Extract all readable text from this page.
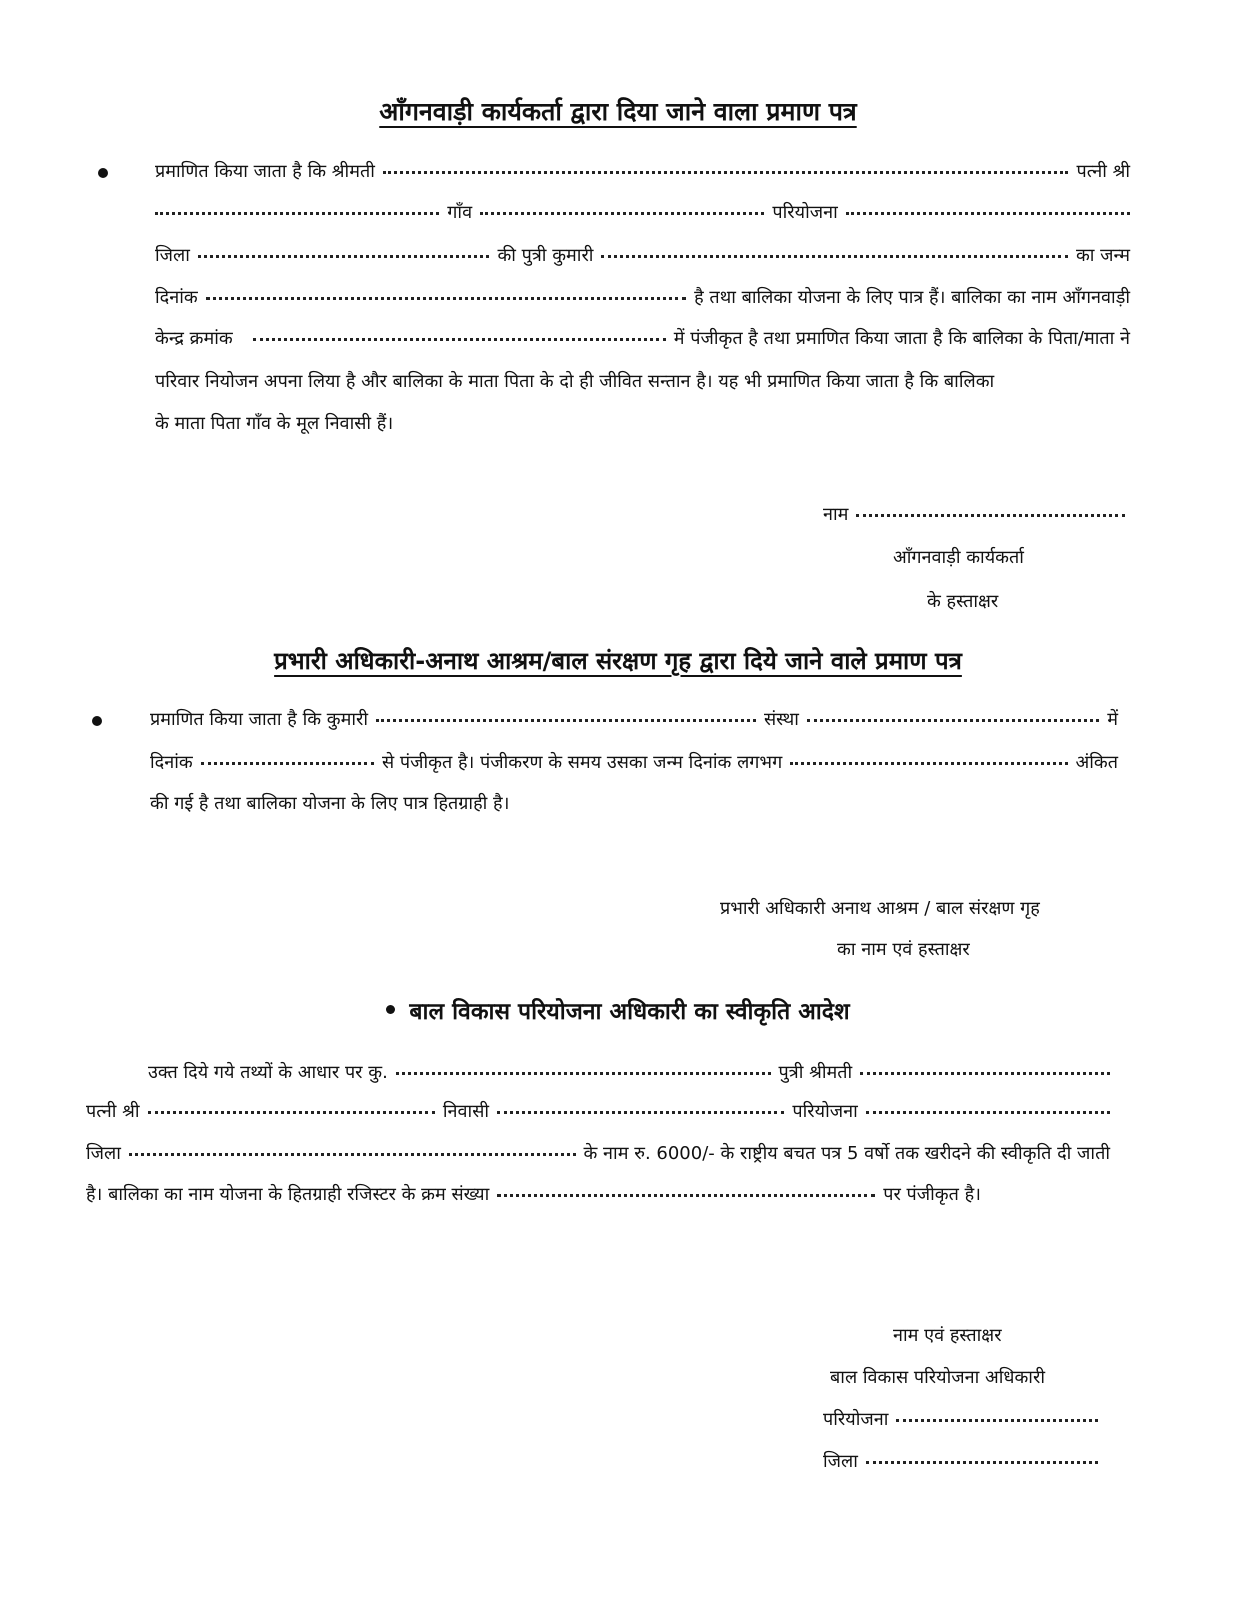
आँगनवाड़ी कार्यकर्ता द्वारा दिया जाने वाला प्रमाण पत्र
प्रमाणित किया जाता है कि श्रीमती	पत्नी श्री
गाँव	परियोजना
जिला	की पुत्री कुमारी	का जन्म
दिनांक	है तथा बालिका योजना के लिए पात्र हैं। बालिका का नाम आँगनवाड़ी
केन्द्र क्रमांक	में पंजीकृत है तथा प्रमाणित किया जाता है कि बालिका के पिता/माता ने
परिवार नियोजन अपना लिया है और बालिका के माता पिता के दो ही जीवित सन्तान है। यह भी प्रमाणित किया जाता है कि बालिका
के माता पिता गाँव के मूल निवासी हैं।
नाम
आँगनवाड़ी कार्यकर्ता
के हस्ताक्षर
प्रभारी अधिकारी-अनाथ आश्रम/बाल संरक्षण गृह द्वारा दिये जाने वाले प्रमाण पत्र
प्रमाणित किया जाता है कि कुमारी	संस्था	में
दिनांक	से पंजीकृत है। पंजीकरण के समय उसका जन्म दिनांक लगभग	अंकित
की गई है तथा बालिका योजना के लिए पात्र हितग्राही है।
प्रभारी अधिकारी अनाथ आश्रम / बाल संरक्षण गृह
का नाम एवं हस्ताक्षर
बाल विकास परियोजना अधिकारी का स्वीकृति आदेश
उक्त दिये गये तथ्यों के आधार पर कु.	पुत्री श्रीमती
पत्नी श्री	निवासी	परियोजना
जिला	के नाम रु. 6000/- के राष्ट्रीय बचत पत्र 5 वर्षो तक खरीदने की स्वीकृति दी जाती
है। बालिका का नाम योजना के हितग्राही रजिस्टर के क्रम संख्या	पर पंजीकृत है।
नाम एवं हस्ताक्षर
बाल विकास परियोजना अधिकारी
परियोजना
जिला
